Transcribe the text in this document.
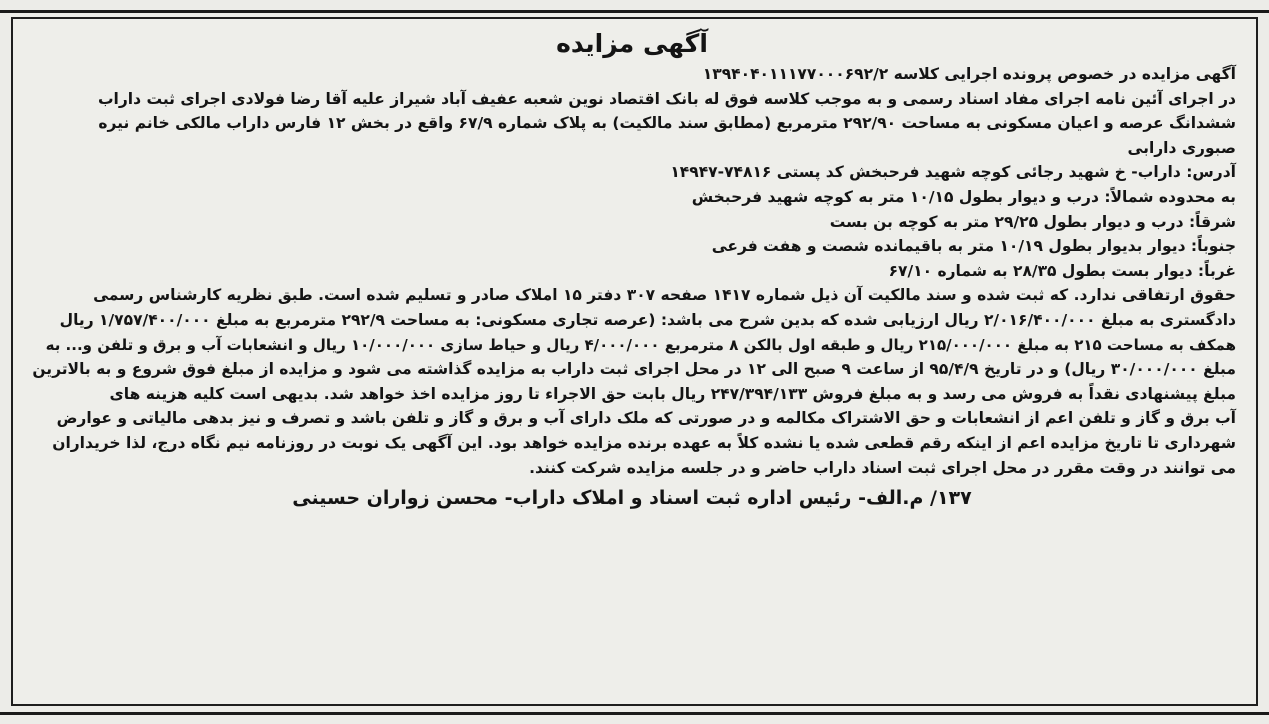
آگهی مزایده

آگهی مزایده در خصوص پرونده اجرایی کلاسه ۱۳۹۴۰۴۰۱۱۱۷۷۰۰۰۶۹۲/۲

در اجرای آئین نامه اجرای مفاد اسناد رسمی و به موجب کلاسه فوق له بانک اقتصاد نوین شعبه عفیف آباد شیراز علیه آقا رضا فولادی اجرای ثبت داراب

ششدانگ عرصه و اعیان مسکونی به مساحت ۲۹۲/۹۰ مترمربع (مطابق سند مالکیت) به پلاک شماره ۶۷/۹ واقع در بخش ۱۲ فارس داراب مالکی خانم نیره

صبوری دارابی

آدرس: داراب- خ شهید رجائی کوچه شهید فرحبخش کد پستی ۷۴۸۱۶-۱۴۹۴۷

به محدوده شمالاً: درب و دیوار بطول ۱۰/۱۵ متر به کوچه شهید فرحبخش

شرقاً: درب و دیوار بطول ۲۹/۲۵ متر به کوچه بن بست

جنوباً: دیوار بدیوار بطول ۱۰/۱۹ متر به باقیمانده شصت و هفت فرعی

غرباً: دیوار بست بطول ۲۸/۳۵ به شماره ۶۷/۱۰

حقوق ارتفاقی ندارد. که ثبت شده و سند مالکیت آن ذیل شماره ۱۴۱۷ صفحه ۳۰۷ دفتر ۱۵ املاک صادر و تسلیم شده است. طبق نظریه کارشناس رسمی

دادگستری به مبلغ ۲/۰۱۶/۴۰۰/۰۰۰ ریال ارزیابی شده که بدین شرح می باشد: (عرصه تجاری مسکونی: به مساحت ۲۹۲/۹ مترمربع به مبلغ ۱/۷۵۷/۴۰۰/۰۰۰ ریال

همکف به مساحت ۲۱۵ به مبلغ ۲۱۵/۰۰۰/۰۰۰ ریال و طبقه اول بالکن ۸ مترمربع ۴/۰۰۰/۰۰۰ ریال و حیاط سازی ۱۰/۰۰۰/۰۰۰ ریال و انشعابات آب و برق و تلفن و... به

مبلغ ۳۰/۰۰۰/۰۰۰ ریال) و در تاریخ ۹۵/۴/۹ از ساعت ۹ صبح الی ۱۲ در محل اجرای ثبت داراب به مزایده گذاشته می شود و مزایده از مبلغ فوق شروع و به بالاترین

مبلغ پیشنهادی نقداً به فروش می رسد و به مبلغ فروش ۲۴۷/۳۹۴/۱۳۳ ریال بابت حق الاجراء تا روز مزایده اخذ خواهد شد. بدیهی است کلیه هزینه های

آب برق و گاز و تلفن اعم از انشعابات و حق الاشتراک مکالمه و در صورتی که ملک دارای آب و برق و گاز و تلفن باشد و تصرف و نیز بدهی مالیاتی و عوارض

شهرداری تا تاریخ مزایده اعم از اینکه رقم قطعی شده یا نشده کلاً به عهده برنده مزایده خواهد بود. این آگهی یک نوبت در روزنامه نیم نگاه درج، لذا خریداران

می توانند در وقت مقرر در محل اجرای ثبت اسناد داراب حاضر و در جلسه مزایده شرکت کنند.

۱۳۷/ م.الف- رئیس اداره ثبت اسناد و املاک داراب- محسن زواران حسینی
